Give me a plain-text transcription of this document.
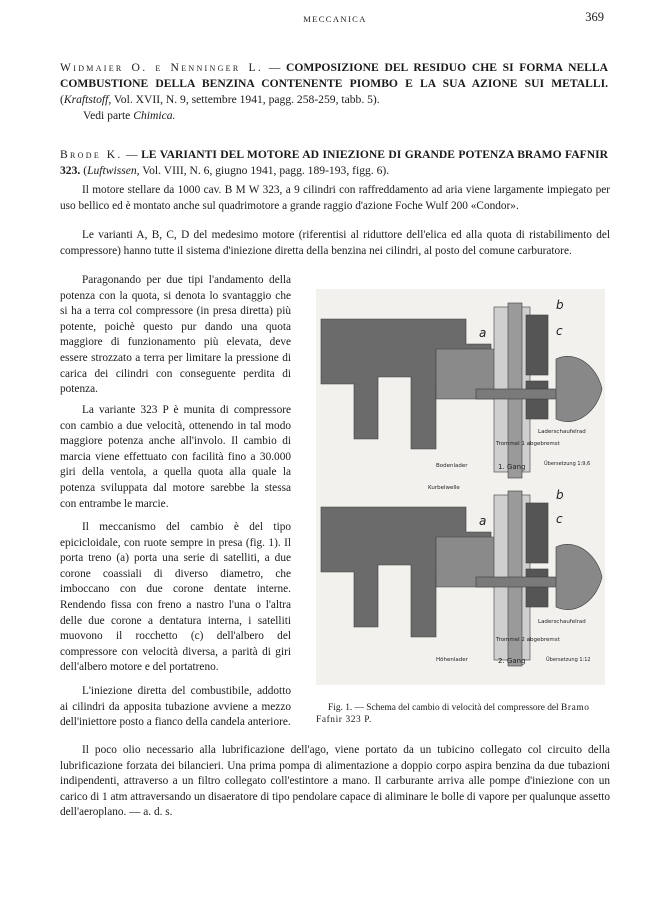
MECCANICA	369
Widmaier O. e Nenninger L. — COMPOSIZIONE DEL RESIDUO CHE SI FORMA NELLA COMBUSTIONE DELLA BENZINA CONTENENTE PIOMBO E LA SUA AZIONE SUI METALLI. (Kraftstoff, Vol. XVII, N. 9, settembre 1941, pagg. 258-259, tabb. 5).
Vedi parte Chimica.
Brode K. — LE VARIANTI DEL MOTORE AD INIEZIONE DI GRANDE POTENZA BRAMO FAFNIR 323. (Luftwissen, Vol. VIII, N. 6, giugno 1941, pagg. 189-193, figg. 6).

Il motore stellare da 1000 cav. B M W 323, a 9 cilindri con raffreddamento ad aria viene largamente impiegato per uso bellico ed è montato anche sul quadrimotore a grande raggio d'azione Foche Wulf 200 «Condor».

Le varianti A, B, C, D del medesimo motore (riferentisi al riduttore dell'elica ed alla quota di ristabilimento del compressore) hanno tutte il sistema d'iniezione diretta della benzina nei cilindri, al posto del comune carburatore.

Paragonando per due tipi l'andamento della potenza con la quota, si denota lo svantaggio che si ha a terra col compressore (in presa diretta) più potente, poichè questo pur dando una quota maggiore di funzionamento più elevata, deve essere strozzato a terra per limitare la pressione di carica dei cilindri con conseguente perdita di potenza.

La variante 323 P è munita di compressore con cambio a due velocità, ottenendo in tal modo maggiore potenza anche all'involo. Il cambio di marcia viene effettuato con facilità fino a 30.000 giri della ventola, a quella quota alla quale la potenza sviluppata dal motore sarebbe la stessa con entrambe le marcie.

Il meccanismo del cambio è del tipo epicicloidale, con ruote sempre in presa (fig. 1). Il porta treno (a) porta una serie di satelliti, a due corone coassiali di diverso diametro, che imboccano con due corone dentate interne. Rendendo fissa con freno a nastro l'una o l'altra delle due corone a dentatura interna, i satelliti muovono il rocchetto (c) dell'albero del compressore con velocità diversa, a parità di giri dell'albero motore e del portatreno.

L'iniezione diretta del combustibile, addotto ai cilindri da apposita tubazione avviene a mezzo dell'iniettore posto a fianco della candela anteriore.

Il poco olio necessario alla lubrificazione dell'ago, viene portato da un tubicino collegato col circuito della lubrificazione forzata dei bilancieri. Una prima pompa di alimentazione a doppio corpo aspira benzina da due tubazioni indipendenti, attraverso a un filtro collegato coll'estintore a mano. Il carburante arriva alle pompe d'iniezione con un carico di 1 atm attraversando un disaeratore di tipo pendolare capace di aliminare le bolle di vapore per qualunque assetto dell'aeroplano. — a. d. s.

a
b
c
Laderschaufelrad
Trommel 1 abgebremst
Bodenlader	1. Gang	Übersetzung 1:9,6
Kurbelwelle
a
b
c
Laderschaufelrad
Trommel 2 abgebremst
Höhenlader	2. Gang	Übersetzung 1:12
Fig. 1. — Schema del cambio di velocità del compressore del Bramo Fafnir 323 P.
